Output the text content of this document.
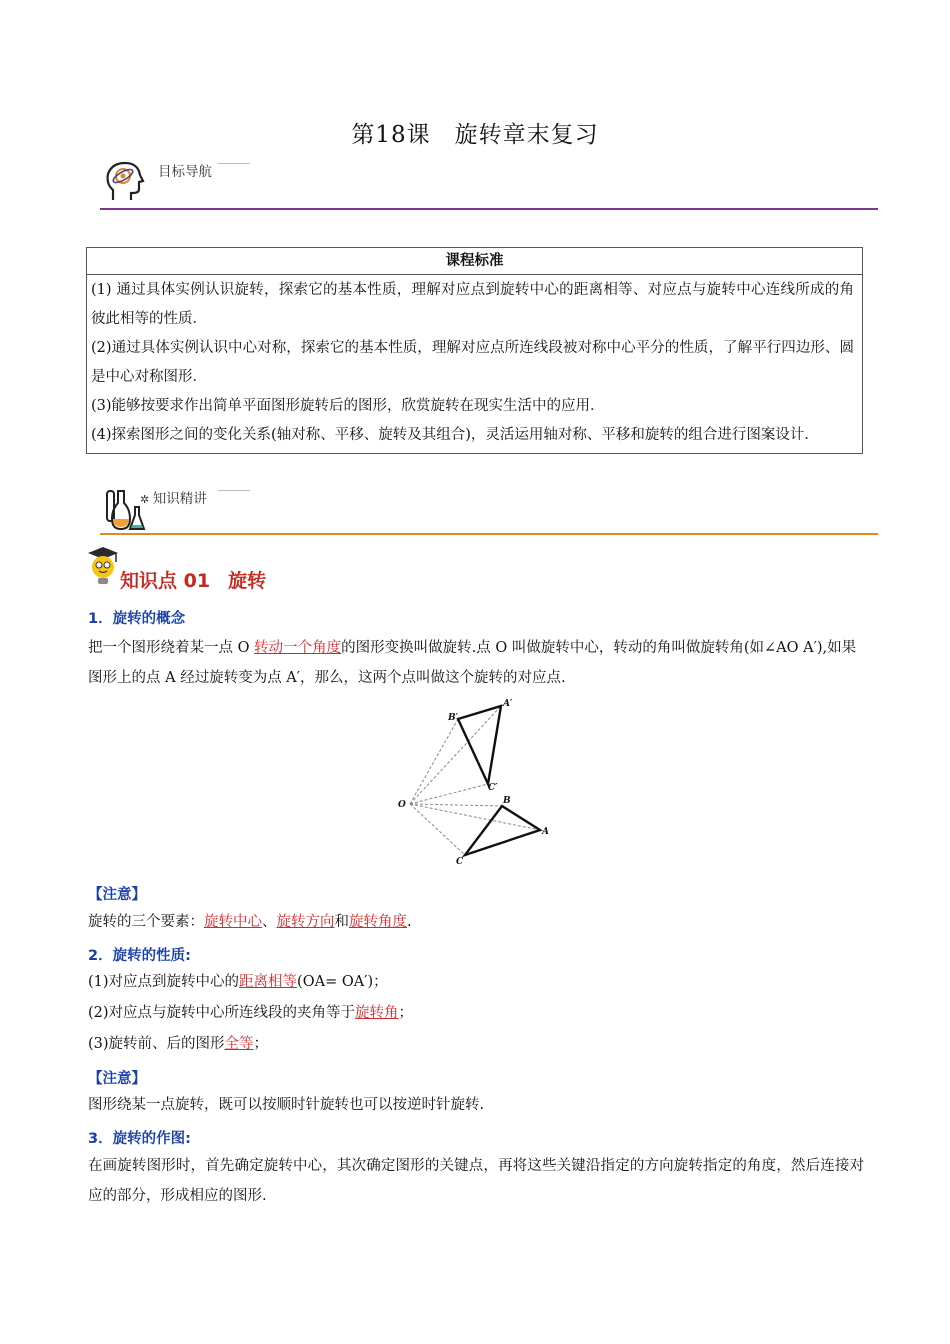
第18课 旋转章末复习
目标导航
课程标准

(1) 通过具体实例认识旋转，探索它的基本性质，理解对应点到旋转中心的距离相等、对应点与旋转中心连线所成的角彼此相等的性质．
(2)通过具体实例认识中心对称，探索它的基本性质，理解对应点所连线段被对称中心平分的性质，了解平行四边形、圆是中心对称图形．
(3)能够按要求作出简单平面图形旋转后的图形，欣赏旋转在现实生活中的应用．
(4)探索图形之间的变化关系(轴对称、平移、旋转及其组合)，灵活运用轴对称、平移和旋转的组合进行图案设计．
✲ 知识精讲
知识点 01 旋转
1．旋转的概念
把一个图形绕着某一点 O 转动一个角度的图形变换叫做旋转.点 O 叫做旋转中心，转动的角叫做旋转角(如∠AO A′),如果图形上的点 A 经过旋转变为点 A′，那么，这两个点叫做这个旋转的对应点.
O
B′
A′
C′
B
A
C
【注意】
旋转的三个要素：旋转中心、旋转方向和旋转角度.
2．旋转的性质:
(1)对应点到旋转中心的距离相等(OA= OA′)；
(2)对应点与旋转中心所连线段的夹角等于旋转角；
(3)旋转前、后的图形全等；
【注意】
图形绕某一点旋转，既可以按顺时针旋转也可以按逆时针旋转.
3．旋转的作图:
在画旋转图形时，首先确定旋转中心，其次确定图形的关键点，再将这些关键沿指定的方向旋转指定的角度，然后连接对应的部分，形成相应的图形.
